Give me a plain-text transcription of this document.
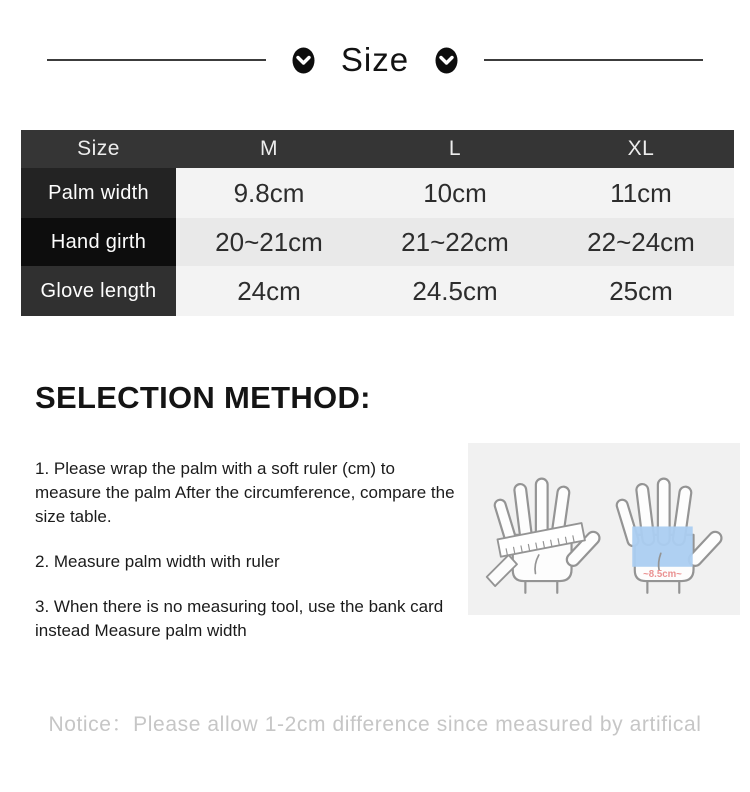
Size
Size	M	L	XL
Palm width	9.8cm	10cm	11cm
Hand girth	20~21cm	21~22cm	22~24cm
Glove length	24cm	24.5cm	25cm
SELECTION METHOD:

1. Please wrap the palm with a soft ruler (cm) to measure the palm After the circumference, compare the size table.

2. Measure palm width with ruler

3. When there is no measuring tool, use the bank card instead Measure palm width

~8.5cm~
Notice：Please allow 1-2cm difference since measured by artifical
